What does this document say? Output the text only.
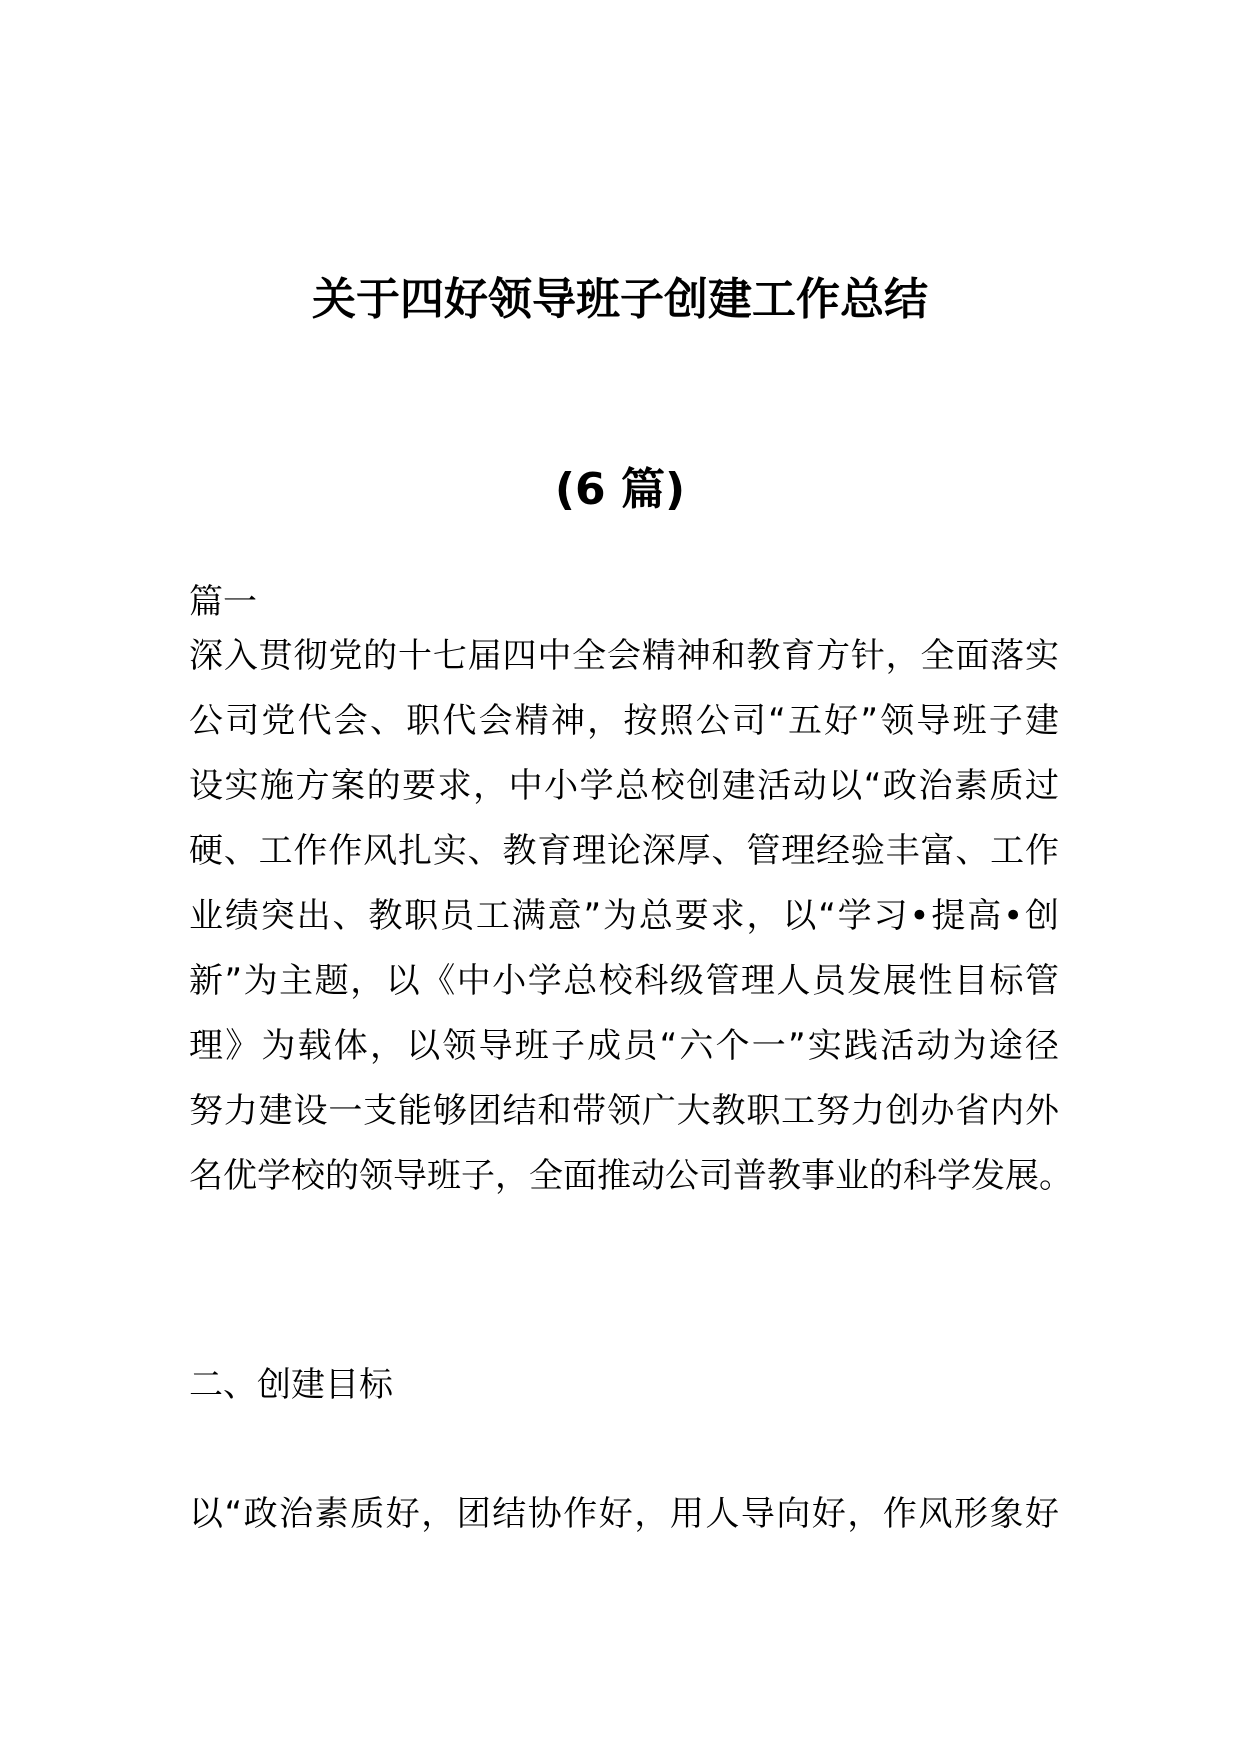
关于四好领导班子创建工作总结
(6 篇)
篇一
深入贯彻党的十七届四中全会精神和教育方针，全面落实
公司党代会、职代会精神，按照公司“五好”领导班子建
设实施方案的要求，中小学总校创建活动以“政治素质过
硬、工作作风扎实、教育理论深厚、管理经验丰富、工作
业绩突出、教职员工满意”为总要求，以“学习•提高•创
新”为主题，以《中小学总校科级管理人员发展性目标管
理》为载体，以领导班子成员“六个一”实践活动为途径
努力建设一支能够团结和带领广大教职工努力创办省内外
名优学校的领导班子，全面推动公司普教事业的科学发展。
二、创建目标
以“政治素质好，团结协作好，用人导向好，作风形象好
